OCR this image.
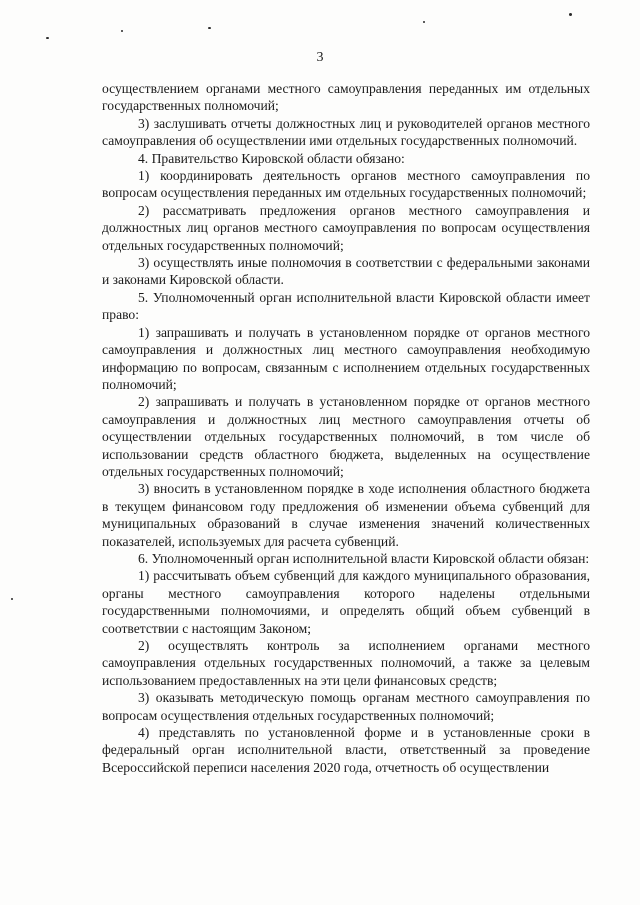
3

осуществлением органами местного самоуправления переданных им отдельных государственных полномочий;

3) заслушивать отчеты должностных лиц и руководителей органов местного самоуправления об осуществлении ими отдельных государственных полномочий.

4. Правительство Кировской области обязано:

1) координировать деятельность органов местного самоуправления по вопросам осуществления переданных им отдельных государственных полномочий;

2) рассматривать предложения органов местного самоуправления и должностных лиц органов местного самоуправления по вопросам осуществления отдельных государственных полномочий;

3) осуществлять иные полномочия в соответствии с федеральными законами и законами Кировской области.

5. Уполномоченный орган исполнительной власти Кировской области имеет право:

1) запрашивать и получать в установленном порядке от органов местного самоуправления и должностных лиц местного самоуправления необходимую информацию по вопросам, связанным с исполнением отдельных государственных полномочий;

2) запрашивать и получать в установленном порядке от органов местного самоуправления и должностных лиц местного самоуправления отчеты об осуществлении отдельных государственных полномочий, в том числе об использовании средств областного бюджета, выделенных на осуществление отдельных государственных полномочий;

3) вносить в установленном порядке в ходе исполнения областного бюджета в текущем финансовом году предложения об изменении объема субвенций для муниципальных образований в случае изменения значений количественных показателей, используемых для расчета субвенций.

6. Уполномоченный орган исполнительной власти Кировской области обязан:

1) рассчитывать объем субвенций для каждого муниципального образования, органы местного самоуправления которого наделены отдельными государственными полномочиями, и определять общий объем субвенций в соответствии с настоящим Законом;

2) осуществлять контроль за исполнением органами местного самоуправления отдельных государственных полномочий, а также за целевым использованием предоставленных на эти цели финансовых средств;

3) оказывать методическую помощь органам местного самоуправления по вопросам осуществления отдельных государственных полномочий;

4) представлять по установленной форме и в установленные сроки в федеральный орган исполнительной власти, ответственный за проведение Всероссийской переписи населения 2020 года, отчетность об осуществлении
